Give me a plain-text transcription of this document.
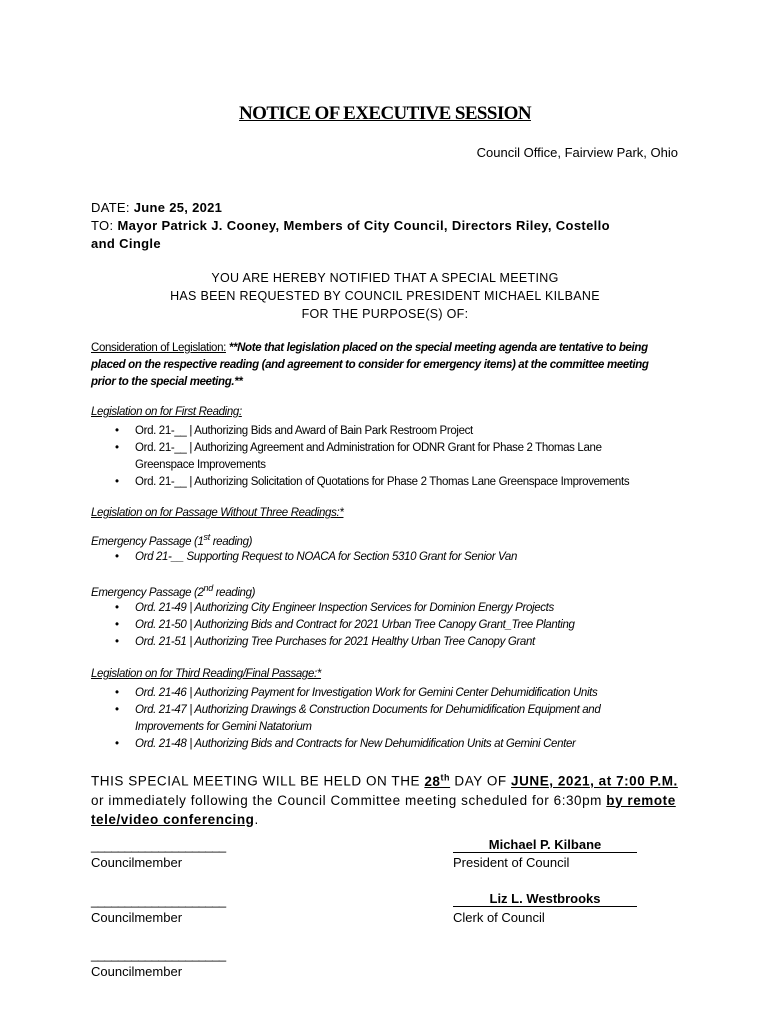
NOTICE OF EXECUTIVE SESSION
Council Office, Fairview Park, Ohio
DATE: June 25, 2021
TO: Mayor Patrick J. Cooney, Members of City Council, Directors Riley, Costello
and Cingle
YOU ARE HEREBY NOTIFIED THAT A SPECIAL MEETING
HAS BEEN REQUESTED BY COUNCIL PRESIDENT MICHAEL KILBANE
FOR THE PURPOSE(S) OF:
Consideration of Legislation: **Note that legislation placed on the special meeting agenda are tentative to being
placed on the respective reading (and agreement to consider for emergency items) at the committee meeting
prior to the special meeting.**
Legislation on for First Reading:
• Ord. 21-__ | Authorizing Bids and Award of Bain Park Restroom Project
• Ord. 21-__ | Authorizing Agreement and Administration for ODNR Grant for Phase 2 Thomas Lane
Greenspace Improvements
• Ord. 21-__ | Authorizing Solicitation of Quotations for Phase 2 Thomas Lane Greenspace Improvements
Legislation on for Passage Without Three Readings:*
Emergency Passage (1st reading)
• Ord 21-__ Supporting Request to NOACA for Section 5310 Grant for Senior Van
Emergency Passage (2nd reading)
• Ord. 21-49 | Authorizing City Engineer Inspection Services for Dominion Energy Projects
• Ord. 21-50 | Authorizing Bids and Contract for 2021 Urban Tree Canopy Grant_Tree Planting
• Ord. 21-51 | Authorizing Tree Purchases for 2021 Healthy Urban Tree Canopy Grant
Legislation on for Third Reading/Final Passage:*
• Ord. 21-46 | Authorizing Payment for Investigation Work for Gemini Center Dehumidification Units
• Ord. 21-47 | Authorizing Drawings & Construction Documents for Dehumidification Equipment and
Improvements for Gemini Natatorium
• Ord. 21-48 | Authorizing Bids and Contracts for New Dehumidification Units at Gemini Center
THIS SPECIAL MEETING WILL BE HELD ON THE 28th DAY OF JUNE, 2021, at 7:00 P.M.
or immediately following the Council Committee meeting scheduled for 6:30pm by remote
tele/video conferencing.
____________________
Councilmember
Michael P. Kilbane
President of Council
____________________
Councilmember
Liz L. Westbrooks
Clerk of Council
____________________
Councilmember
